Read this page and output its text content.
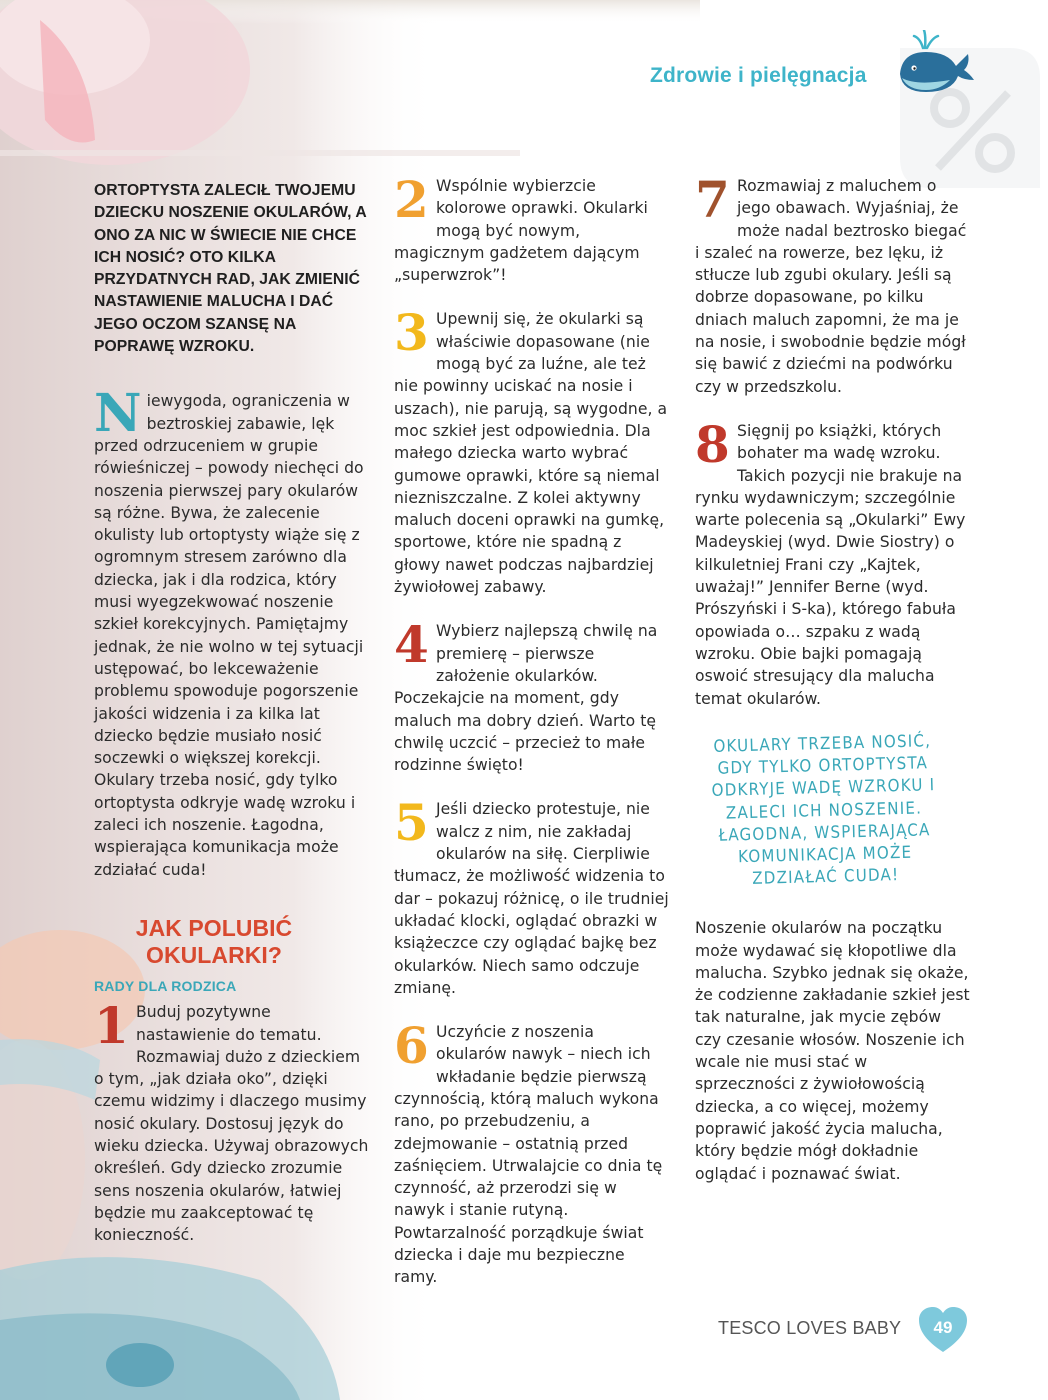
Zdrowie i pielęgnacja

ORTOPTYSTA ZALECIŁ TWOJEMU DZIECKU NOSZENIE OKULARÓW, A ONO ZA NIC W ŚWIECIE NIE CHCE ICH NOSIĆ? OTO KILKA PRZYDATNYCH RAD, JAK ZMIENIĆ NASTAWIENIE MALUCHA I DAĆ JEGO OCZOM SZANSĘ NA POPRAWĘ WZROKU.

Niewygoda, ograniczenia w beztroskiej zabawie, lęk przed odrzuceniem w grupie rówieśniczej – powody niechęci do noszenia pierwszej pary okularów są różne. Bywa, że zalecenie okulisty lub ortoptysty wiąże się z ogromnym stresem zarówno dla dziecka, jak i dla rodzica, który musi wyegzekwować noszenie szkieł korekcyjnych. Pamiętajmy jednak, że nie wolno w tej sytuacji ustępować, bo lekceważenie problemu spowoduje pogorszenie jakości widzenia i za kilka lat dziecko będzie musiało nosić soczewki o większej korekcji. Okulary trzeba nosić, gdy tylko ortoptysta odkryje wadę wzroku i zaleci ich noszenie. Łagodna, wspierająca komunikacja może zdziałać cuda!

JAK POLUBIĆ
OKULARKI?
RADY DLA RODZICA

1 Buduj pozytywne nastawienie do tematu. Rozmawiaj dużo z dzieckiem o tym, „jak działa oko”, dzięki czemu widzimy i dlaczego musimy nosić okulary. Dostosuj język do wieku dziecka. Używaj obrazowych określeń. Gdy dziecko zrozumie sens noszenia okularów, łatwiej będzie mu zaakceptować tę konieczność.

2 Wspólnie wybierzcie kolorowe oprawki. Okularki mogą być nowym, magicznym gadżetem dającym „superwzrok”!

3 Upewnij się, że okularki są właściwie dopasowane (nie mogą być za luźne, ale też nie powinny uciskać na nosie i uszach), nie parują, są wygodne, a moc szkieł jest odpowiednia. Dla małego dziecka warto wybrać gumowe oprawki, które są niemal niezniszczalne. Z kolei aktywny maluch doceni oprawki na gumkę, sportowe, które nie spadną z głowy nawet podczas najbardziej żywiołowej zabawy.

4 Wybierz najlepszą chwilę na premierę – pierwsze założenie okularków. Poczekajcie na moment, gdy maluch ma dobry dzień. Warto tę chwilę uczcić – przecież to małe rodzinne święto!

5 Jeśli dziecko protestuje, nie walcz z nim, nie zakładaj okularów na siłę. Cierpliwie tłumacz, że możliwość widzenia to dar – pokazuj różnicę, o ile trudniej układać klocki, oglądać obrazki w książeczce czy oglądać bajkę bez okularków. Niech samo odczuje zmianę.

6 Uczyńcie z noszenia okularów nawyk – niech ich wkładanie będzie pierwszą czynnością, którą maluch wykona rano, po przebudzeniu, a zdejmowanie – ostatnią przed zaśnięciem. Utrwalajcie co dnia tę czynność, aż przerodzi się w nawyk i stanie rutyną. Powtarzalność porządkuje świat dziecka i daje mu bezpieczne ramy.

7 Rozmawiaj z maluchem o jego obawach. Wyjaśniaj, że może nadal beztrosko biegać i szaleć na rowerze, bez lęku, iż stłucze lub zgubi okulary. Jeśli są dobrze dopasowane, po kilku dniach maluch zapomni, że ma je na nosie, i swobodnie będzie mógł się bawić z dziećmi na podwórku czy w przedszkolu.

8 Sięgnij po książki, których bohater ma wadę wzroku. Takich pozycji nie brakuje na rynku wydawniczym; szczególnie warte polecenia są „Okularki” Ewy Madeyskiej (wyd. Dwie Siostry) o kilkuletniej Frani czy „Kajtek, uważaj!” Jennifer Berne (wyd. Prószyński i S-ka), którego fabuła opowiada o… szpaku z wadą wzroku. Obie bajki pomagają oswoić stresujący dla malucha temat okularów.

OKULARY TRZEBA NOSIĆ, GDY TYLKO ORTOPTYSTA ODKRYJE WADĘ WZROKU I ZALECI ICH NOSZENIE. ŁAGODNA, WSPIERAJĄCA KOMUNIKACJA MOŻE ZDZIAŁAĆ CUDA!

Noszenie okularów na początku może wydawać się kłopotliwe dla malucha. Szybko jednak się okaże, że codzienne zakładanie szkieł jest tak naturalne, jak mycie zębów czy czesanie włosów. Noszenie ich wcale nie musi stać w sprzeczności z żywiołowością dziecka, a co więcej, możemy poprawić jakość życia malucha, który będzie mógł dokładnie oglądać i poznawać świat.

TESCO LOVES BABY	49
